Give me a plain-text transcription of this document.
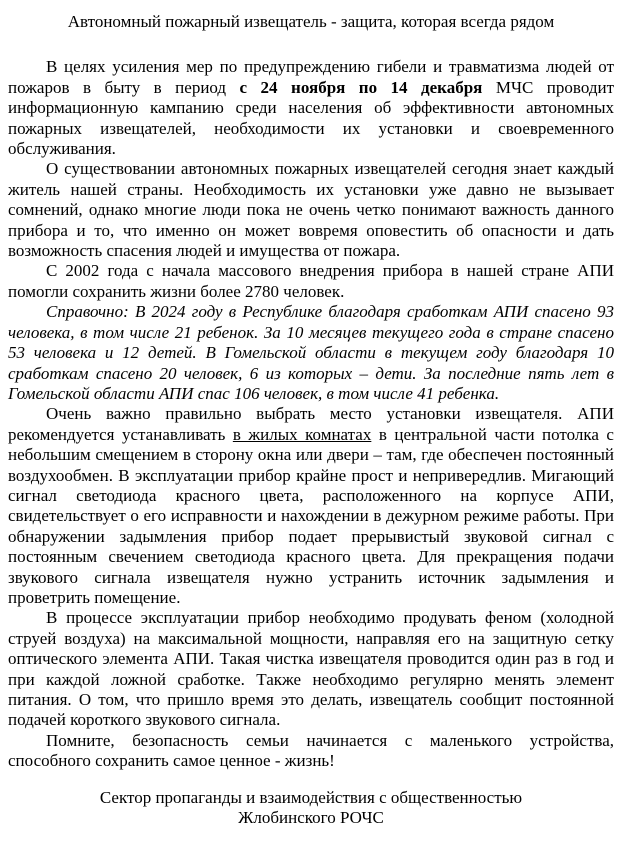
Автономный пожарный извещатель - защита, которая всегда рядом

В целях усиления мер по предупреждению гибели и травматизма людей от пожаров в быту в период с 24 ноября по 14 декабря МЧС проводит информационную кампанию среди населения об эффективности автономных пожарных извещателей, необходимости их установки и своевременного обслуживания.

О существовании автономных пожарных извещателей сегодня знает каждый житель нашей страны. Необходимость их установки уже давно не вызывает сомнений, однако многие люди пока не очень четко понимают важность данного прибора и то, что именно он может вовремя оповестить об опасности и дать возможность спасения людей и имущества от пожара.

С 2002 года с начала массового внедрения прибора в нашей стране АПИ помогли сохранить жизни более 2780 человек.

Справочно: В 2024 году в Республике благодаря сработкам АПИ спасено 93 человека, в том числе 21 ребенок. За 10 месяцев текущего года в стране спасено 53 человека и 12 детей. В Гомельской области в текущем году благодаря 10 сработкам спасено 20 человек, 6 из которых – дети. За последние пять лет в Гомельской области АПИ спас 106 человек, в том числе 41 ребенка.

Очень важно правильно выбрать место установки извещателя. АПИ рекомендуется устанавливать в жилых комнатах в центральной части потолка с небольшим смещением в сторону окна или двери – там, где обеспечен постоянный воздухообмен. В эксплуатации прибор крайне прост и непривередлив. Мигающий сигнал светодиода красного цвета, расположенного на корпусе АПИ, свидетельствует о его исправности и нахождении в дежурном режиме работы. При обнаружении задымления прибор подает прерывистый звуковой сигнал с постоянным свечением светодиода красного цвета. Для прекращения подачи звукового сигнала извещателя нужно устранить источник задымления и проветрить помещение.

В процессе эксплуатации прибор необходимо продувать феном (холодной струей воздуха) на максимальной мощности, направляя его на защитную сетку оптического элемента АПИ. Такая чистка извещателя проводится один раз в год и при каждой ложной сработке. Также необходимо регулярно менять элемент питания. О том, что пришло время это делать, извещатель сообщит постоянной подачей короткого звукового сигнала.

Помните, безопасность семьи начинается с маленького устройства, способного сохранить самое ценное - жизнь!

Сектор пропаганды и взаимодействия с общественностью
Жлобинского РОЧС
